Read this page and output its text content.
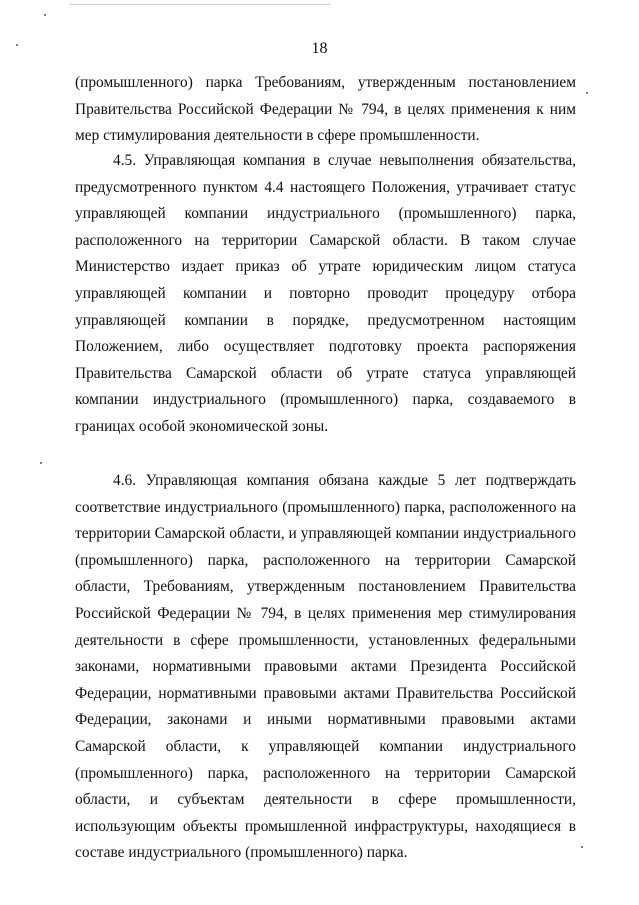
18

(промышленного) парка Требованиям, утвержденным постановлением Правительства Российской Федерации № 794, в целях применения к ним мер стимулирования деятельности в сфере промышленности.

4.5. Управляющая компания в случае невыполнения обязательства, предусмотренного пунктом 4.4 настоящего Положения, утрачивает статус управляющей компании индустриального (промышленного) парка, расположенного на территории Самарской области. В таком случае Министерство издает приказ об утрате юридическим лицом статуса управляющей компании и повторно проводит процедуру отбора управляющей компании в порядке, предусмотренном настоящим Положением, либо осуществляет подготовку проекта распоряжения Правительства Самарской области об утрате статуса управляющей компании индустриального (промышленного) парка, создаваемого в границах особой экономической зоны.

4.6. Управляющая компания обязана каждые 5 лет подтверждать соответствие индустриального (промышленного) парка, расположенного на территории Самарской области, и управляющей компании индустриального (промышленного) парка, расположенного на территории Самарской области, Требованиям, утвержденным постановлением Правительства Российской Федерации № 794, в целях применения мер стимулирования деятельности в сфере промышленности, установленных федеральными законами, нормативными правовыми актами Президента Российской Федерации, нормативными правовыми актами Правительства Российской Федерации, законами и иными нормативными правовыми актами Самарской области, к управляющей компании индустриального (промышленного) парка, расположенного на территории Самарской области, и субъектам деятельности в сфере промышленности, использующим объекты промышленной инфраструктуры, находящиеся в составе индустриального (промышленного) парка.
